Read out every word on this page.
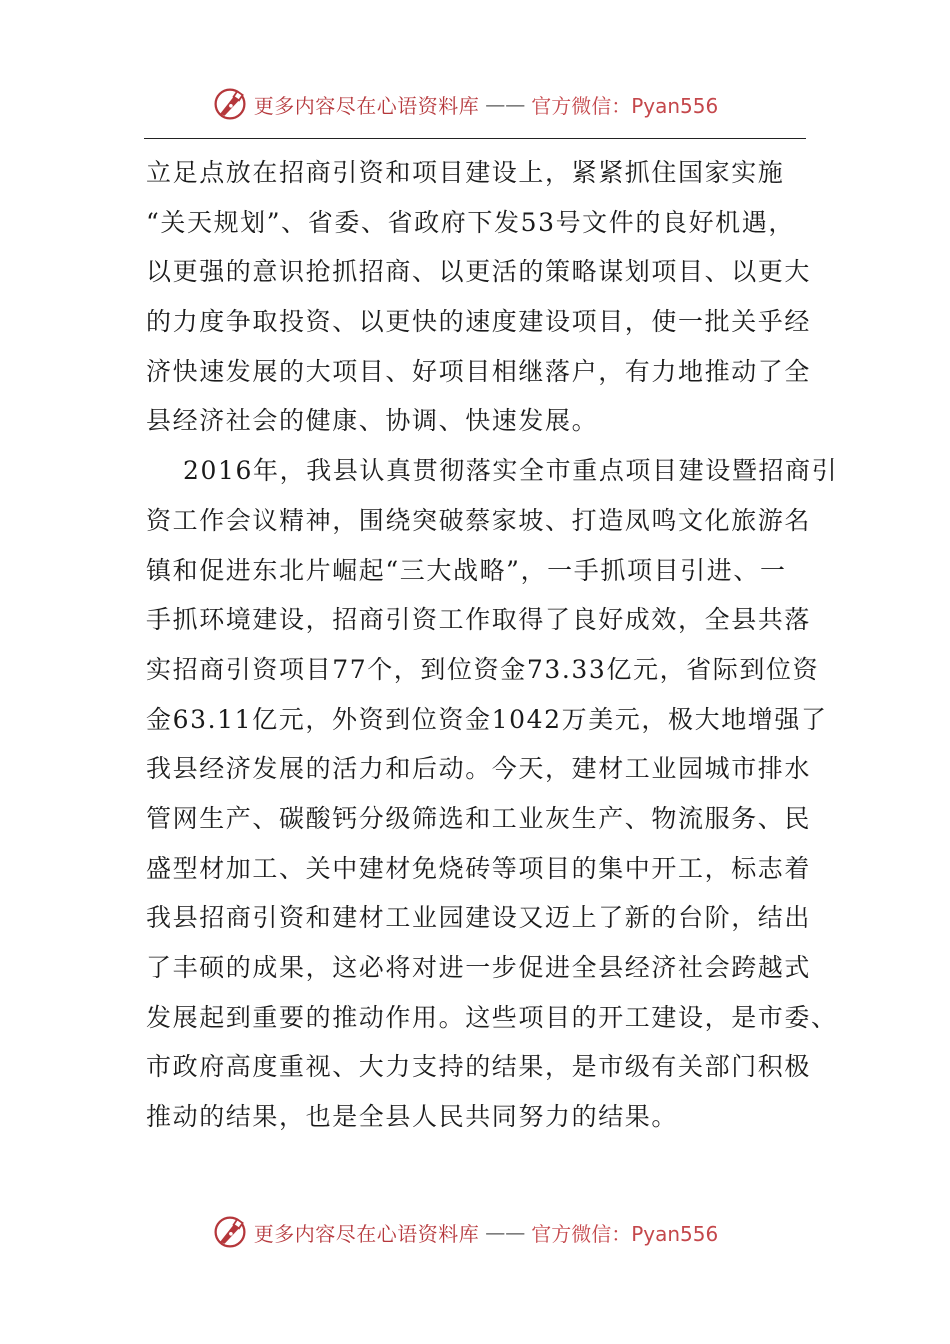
更多内容尽在心语资料库 —— 官方微信：Pyan556
立足点放在招商引资和项目建设上，紧紧抓住国家实施
“关天规划”、省委、省政府下发53号文件的良好机遇，
以更强的意识抢抓招商、以更活的策略谋划项目、以更大
的力度争取投资、以更快的速度建设项目，使一批关乎经
济快速发展的大项目、好项目相继落户，有力地推动了全
县经济社会的健康、协调、快速发展。
2016年，我县认真贯彻落实全市重点项目建设暨招商引
资工作会议精神，围绕突破蔡家坡、打造凤鸣文化旅游名
镇和促进东北片崛起“三大战略”，一手抓项目引进、一
手抓环境建设，招商引资工作取得了良好成效，全县共落
实招商引资项目77个，到位资金73.33亿元，省际到位资
金63.11亿元，外资到位资金1042万美元，极大地增强了
我县经济发展的活力和后动。今天，建材工业园城市排水
管网生产、碳酸钙分级筛选和工业灰生产、物流服务、民
盛型材加工、关中建材免烧砖等项目的集中开工，标志着
我县招商引资和建材工业园建设又迈上了新的台阶，结出
了丰硕的成果，这必将对进一步促进全县经济社会跨越式
发展起到重要的推动作用。这些项目的开工建设，是市委、
市政府高度重视、大力支持的结果，是市级有关部门积极
推动的结果，也是全县人民共同努力的结果。
更多内容尽在心语资料库 —— 官方微信：Pyan556
